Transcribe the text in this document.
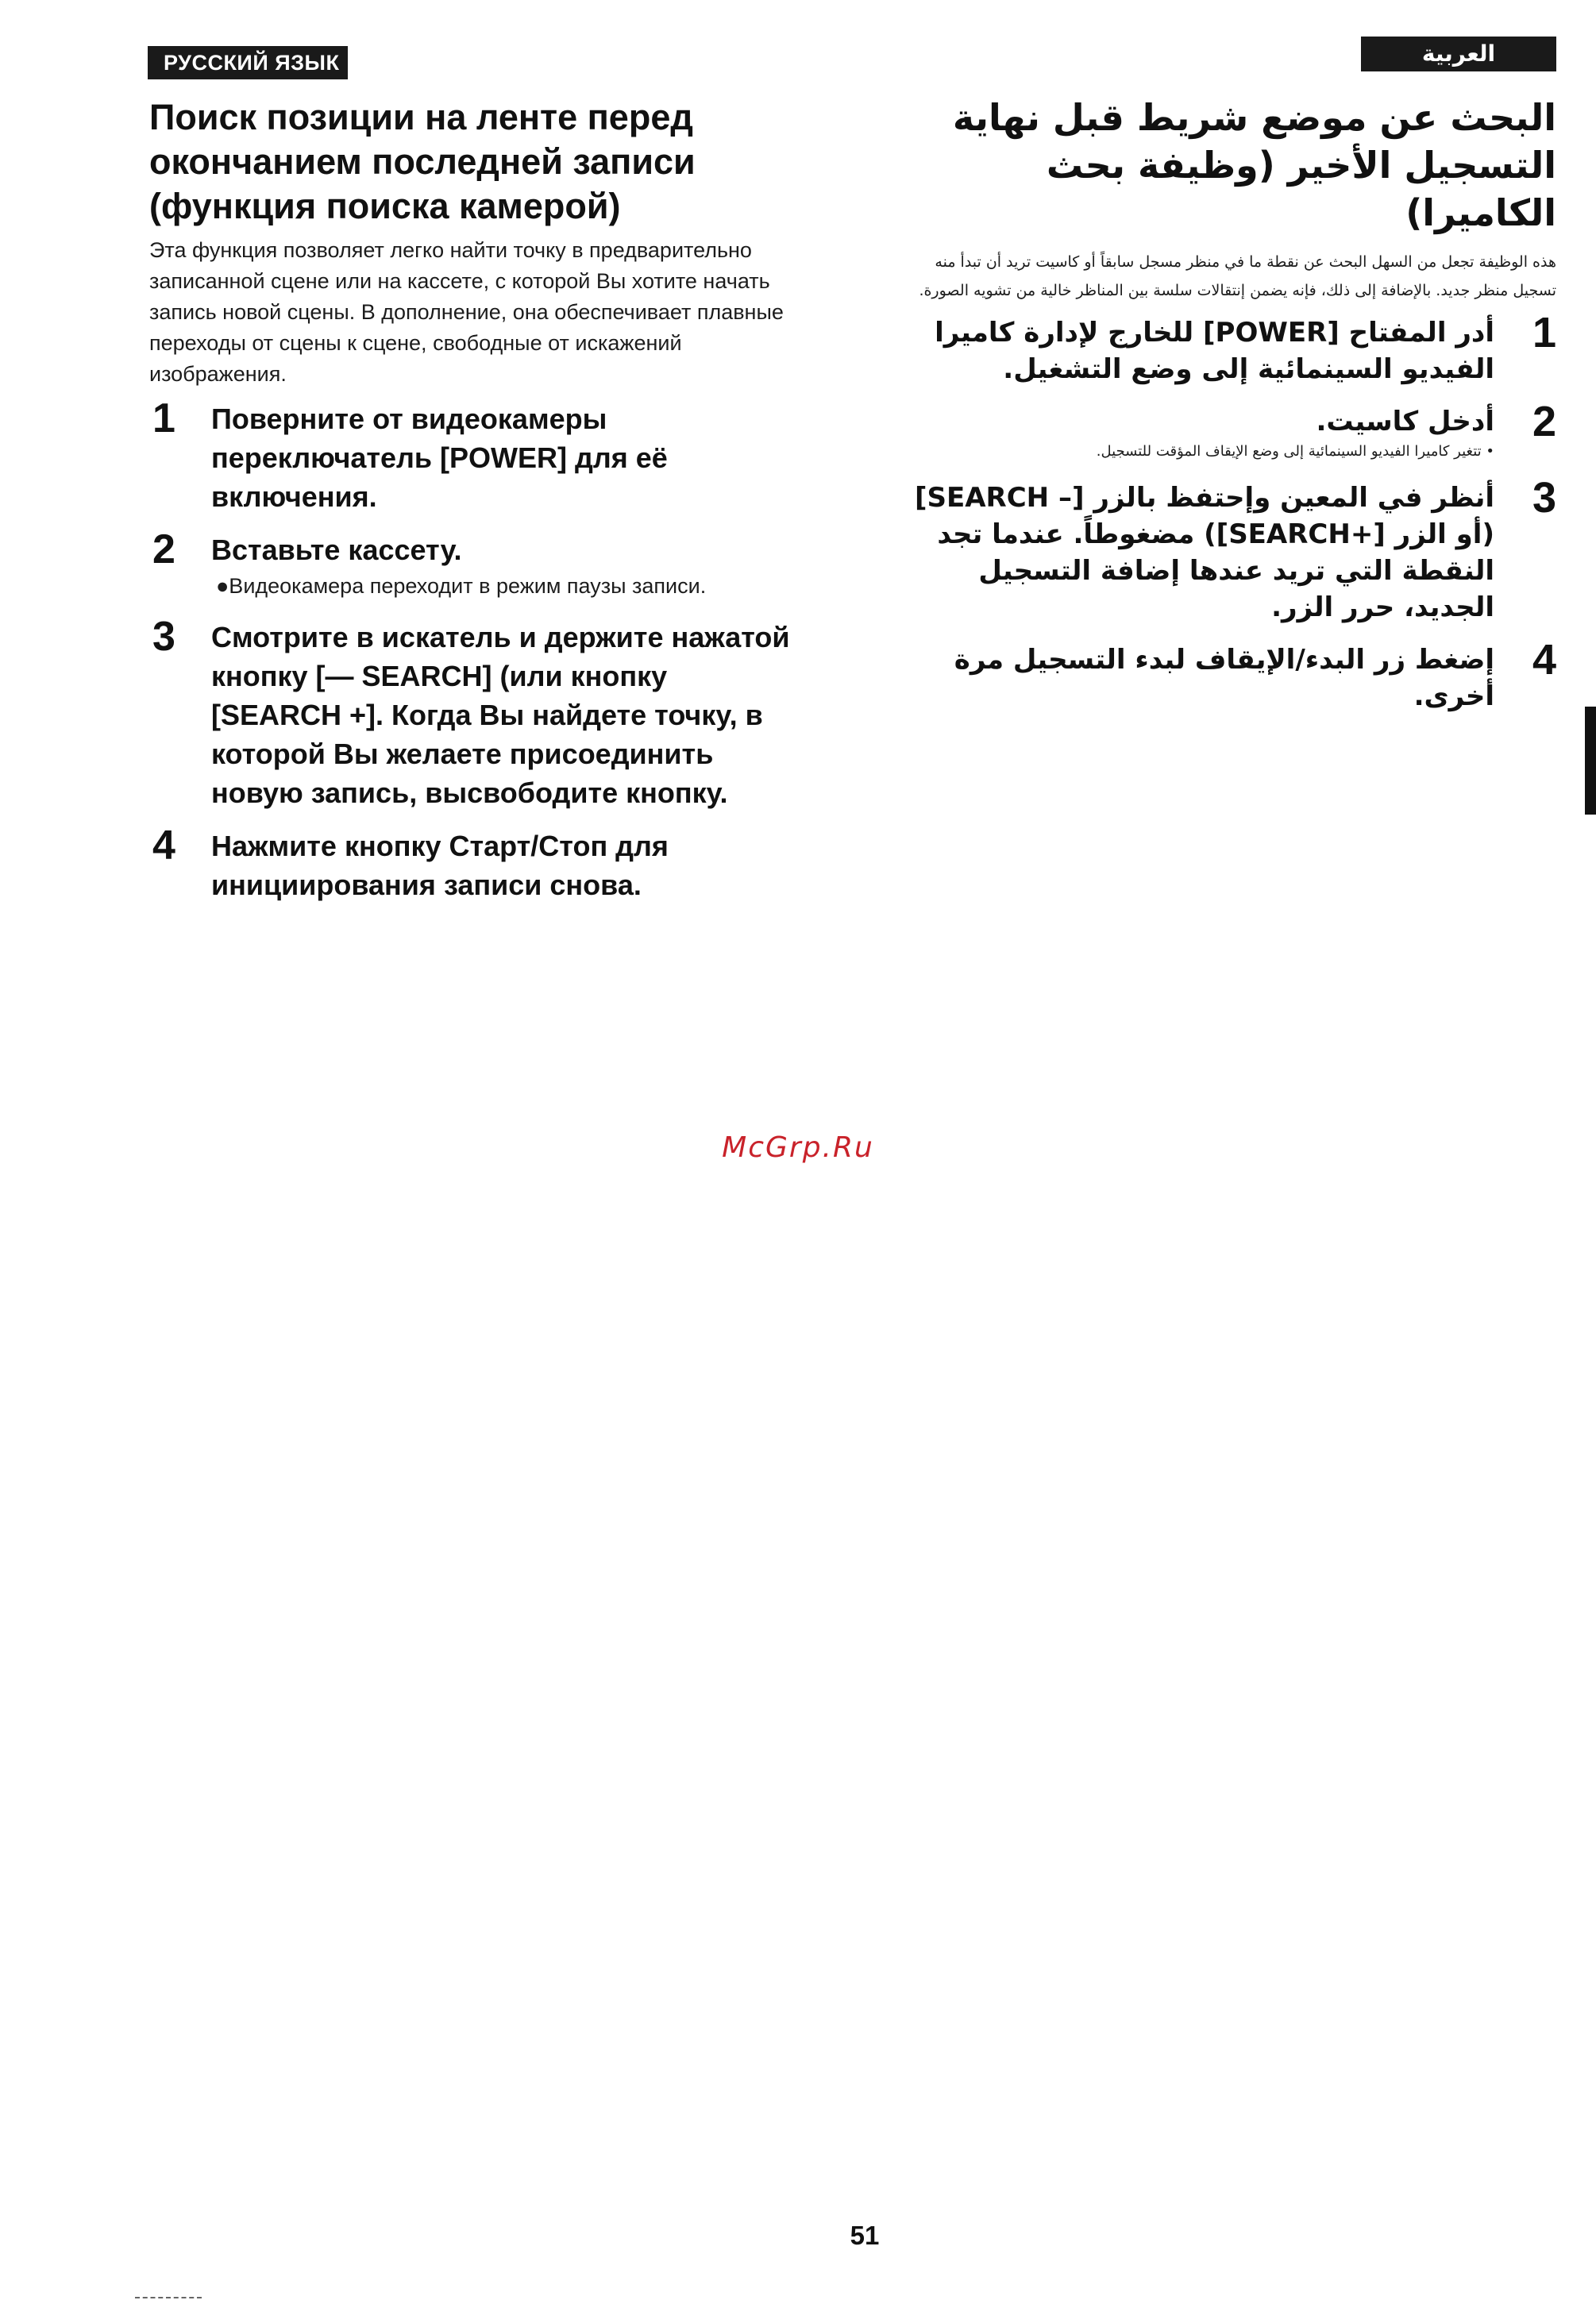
РУССКИЙ ЯЗЫК	العربية
Поиск позиции на ленте перед окончанием последней записи (функция поиска камерой)

Эта функция позволяет легко найти точку в предварительно записанной сцене или на кассете, с которой Вы хотите начать запись новой сцены. В дополнение, она обеспечивает плавные переходы от сцены к сцене, свободные от искажений изображения.

1 Поверните от видеокамеры переключатель [POWER] для её включения.
2 Вставьте кассету.
●Видеокамера переходит в режим паузы записи.
3 Смотрите в искатель и держите нажатой кнопку [— SEARCH] (или кнопку [SEARCH +]. Когда Вы найдете точку, в которой Вы желаете присоединить новую запись, высвободите кнопку.
4 Нажмите кнопку Старт/Стоп для инициирования записи снова.
البحث عن موضع شريط قبل نهاية التسجيل الأخير (وظيفة بحث الكاميرا)

هذه الوظيفة تجعل من السهل البحث عن نقطة ما في منظر مسجل سابقاً أو كاسيت تريد أن تبدأ منه تسجيل منظر جديد. بالإضافة إلى ذلك، فإنه يضمن إنتقالات سلسة بين المناظر خالية من تشويه الصورة.

1
أدر المفتاح [POWER] للخارج لإدارة كاميرا الفيديو السينمائية إلى وضع التشغيل.
2
أدخل كاسيت.
• تتغير كاميرا الفيديو السينمائية إلى وضع الإيقاف المؤقت للتسجيل.
3
أنظر في المعين وإحتفظ بالزر [– SEARCH] (أو الزر [+SEARCH]) مضغوطاً. عندما تجد النقطة التي تريد عندها إضافة التسجيل الجديد، حرر الزر.
4
إضغط زر البدء/الإيقاف لبدء التسجيل مرة أخرى.
McGrp.Ru
51
